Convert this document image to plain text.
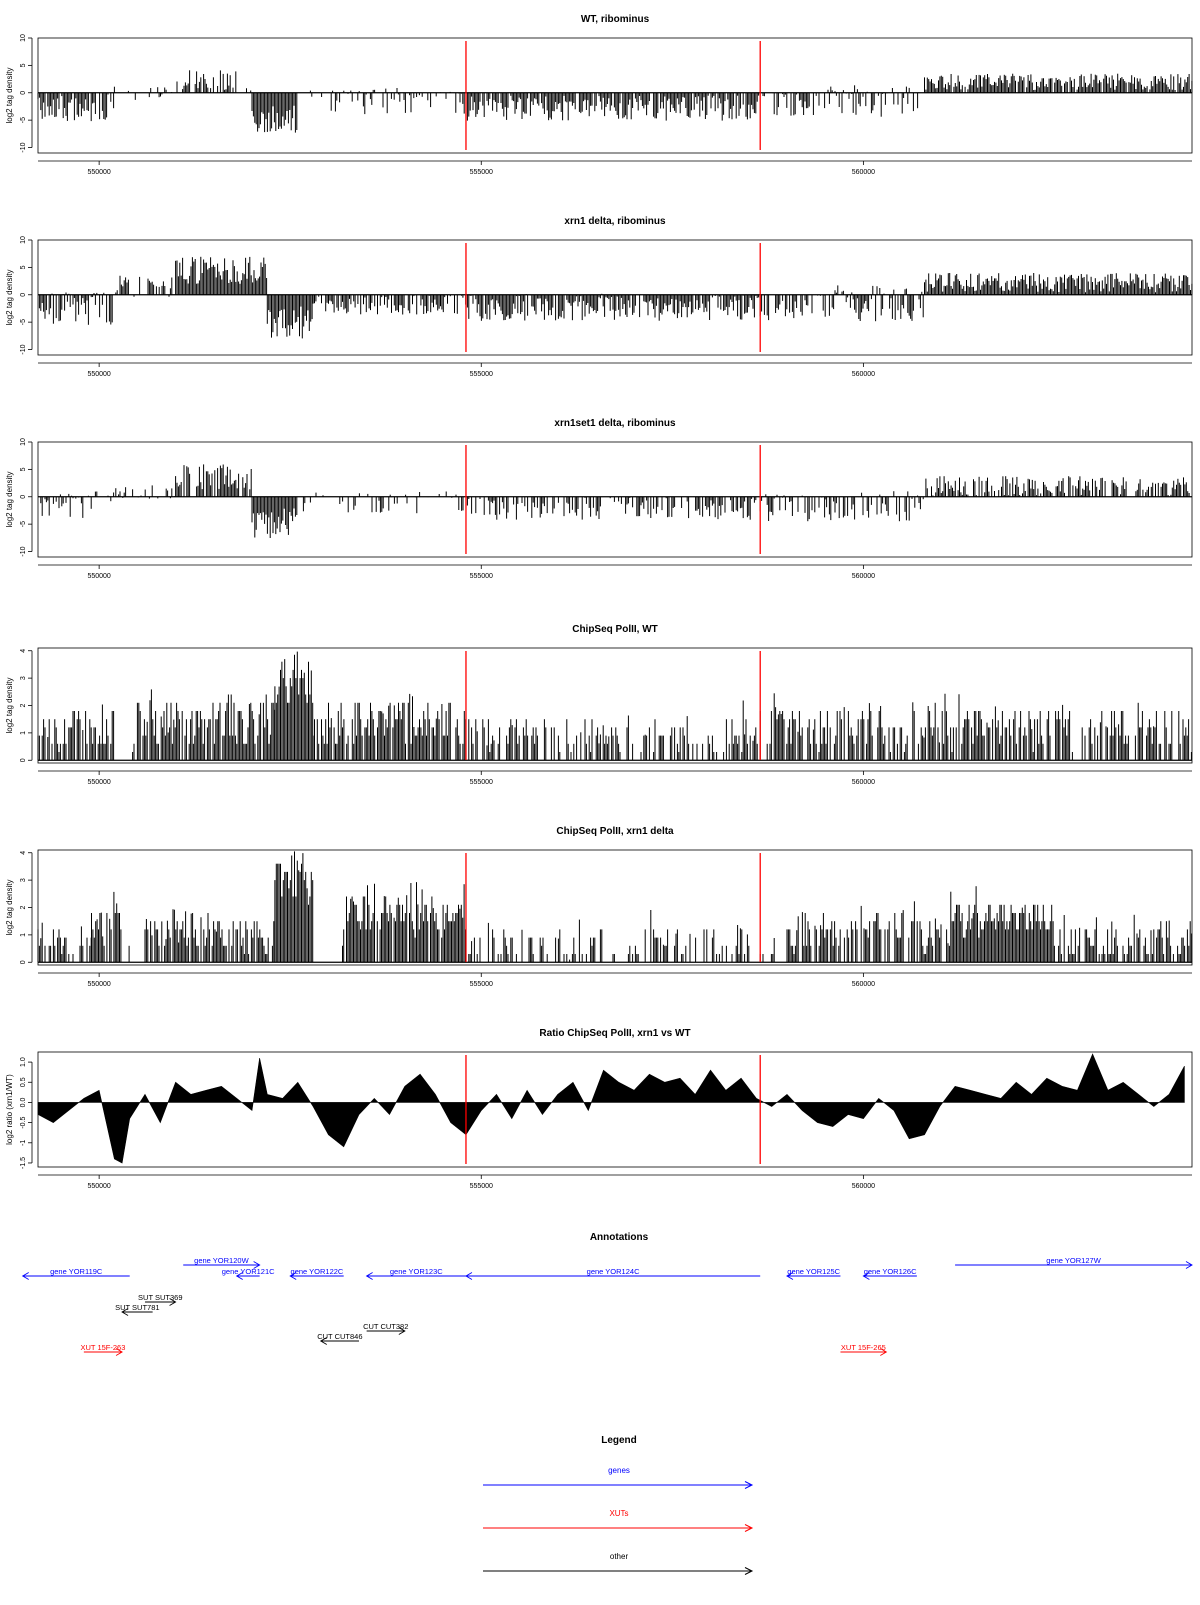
WT, ribominus
log2 tag density
-10
-5
0
5
10
550000	555000	560000
xrn1 delta, ribominus
log2 tag density
-10
-5
0
5
10
550000	555000	560000
xrn1set1 delta, ribominus
log2 tag density
-10
-5
0
5
10
550000	555000	560000
ChipSeq PolII, WT
log2 tag density
0
1
2
3
4
550000	555000	560000
ChipSeq PolII, xrn1 delta
log2 tag density
0
1
2
3
4
550000	555000	560000
Ratio ChipSeq PolII, xrn1 vs WT
log2 ratio (xrn1/WT)
-1.5
-1
-0.5
0.0
0.5
1.0
550000	555000	560000
Annotations
gene YOR119C
gene YOR120W
gene YOR121C gene YOR122C	gene YOR123C	gene YOR124C	gene YOR125C	gene YOR126C
gene YOR127W
SUT SUT369
SUT SUT781
CUT CUT382
CUT CUT846
XUT 15F-263	XUT 15F-265
Legend
genes
XUTs
other
